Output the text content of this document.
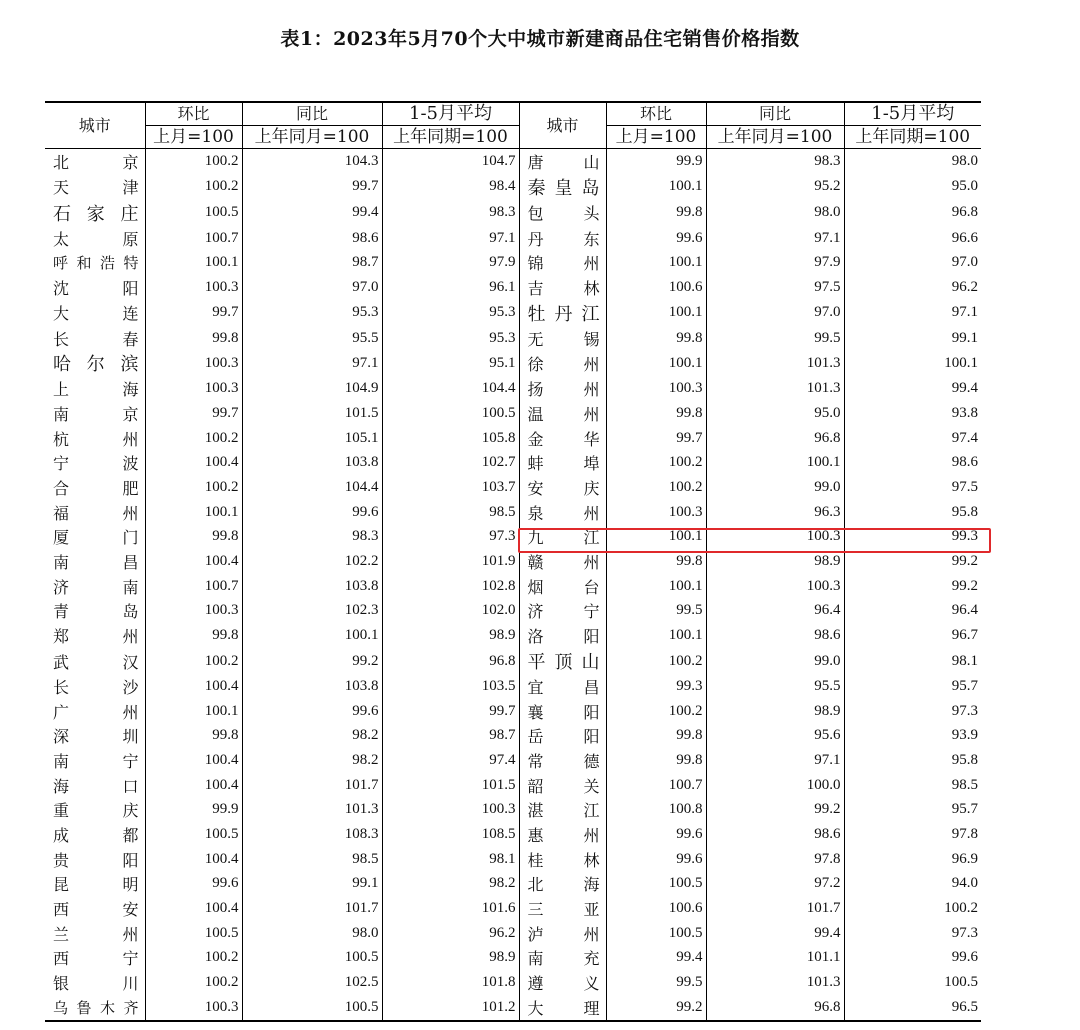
表1：2023年5月70个大中城市新建商品住宅销售价格指数
城市	环比	同比	1-5月平均	城市	环比	同比	1-5月平均
	上月=100	上年同月=100	上年同期=100		上月=100	上年同月=100	上年同期=100

北 京	100.2	104.3	104.7	唐 山	99.9	98.3	98.0

天 津	100.2	99.7	98.4	秦 皇 岛	100.1	95.2	95.0

石 家 庄	100.5	99.4	98.3	包 头	99.8	98.0	96.8

太 原	100.7	98.6	97.1	丹 东	99.6	97.1	96.6

呼 和 浩 特	100.1	98.7	97.9	锦 州	100.1	97.9	97.0

沈 阳	100.3	97.0	96.1	吉 林	100.6	97.5	96.2

大 连	99.7	95.3	95.3	牡 丹 江	100.1	97.0	97.1

长 春	99.8	95.5	95.3	无 锡	99.8	99.5	99.1

哈 尔 滨	100.3	97.1	95.1	徐 州	100.1	101.3	100.1

上 海	100.3	104.9	104.4	扬 州	100.3	101.3	99.4

南 京	99.7	101.5	100.5	温 州	99.8	95.0	93.8

杭 州	100.2	105.1	105.8	金 华	99.7	96.8	97.4

宁 波	100.4	103.8	102.7	蚌 埠	100.2	100.1	98.6

合 肥	100.2	104.4	103.7	安 庆	100.2	99.0	97.5

福 州	100.1	99.6	98.5	泉 州	100.3	96.3	95.8

厦 门	99.8	98.3	97.3	九 江	100.1	100.3	99.3

南 昌	100.4	102.2	101.9	赣 州	99.8	98.9	99.2

济 南	100.7	103.8	102.8	烟 台	100.1	100.3	99.2

青 岛	100.3	102.3	102.0	济 宁	99.5	96.4	96.4

郑 州	99.8	100.1	98.9	洛 阳	100.1	98.6	96.7

武 汉	100.2	99.2	96.8	平 顶 山	100.2	99.0	98.1

长 沙	100.4	103.8	103.5	宜 昌	99.3	95.5	95.7

广 州	100.1	99.6	99.7	襄 阳	100.2	98.9	97.3

深 圳	99.8	98.2	98.7	岳 阳	99.8	95.6	93.9

南 宁	100.4	98.2	97.4	常 德	99.8	97.1	95.8

海 口	100.4	101.7	101.5	韶 关	100.7	100.0	98.5

重 庆	99.9	101.3	100.3	湛 江	100.8	99.2	95.7

成 都	100.5	108.3	108.5	惠 州	99.6	98.6	97.8

贵 阳	100.4	98.5	98.1	桂 林	99.6	97.8	96.9

昆 明	99.6	99.1	98.2	北 海	100.5	97.2	94.0

西 安	100.4	101.7	101.6	三 亚	100.6	101.7	100.2

兰 州	100.5	98.0	96.2	泸 州	100.5	99.4	97.3

西 宁	100.2	100.5	98.9	南 充	99.4	101.1	99.6

银 川	100.2	102.5	101.8	遵 义	99.5	101.3	100.5

乌 鲁 木 齐	100.3	100.5	101.2	大 理	99.2	96.8	96.5
